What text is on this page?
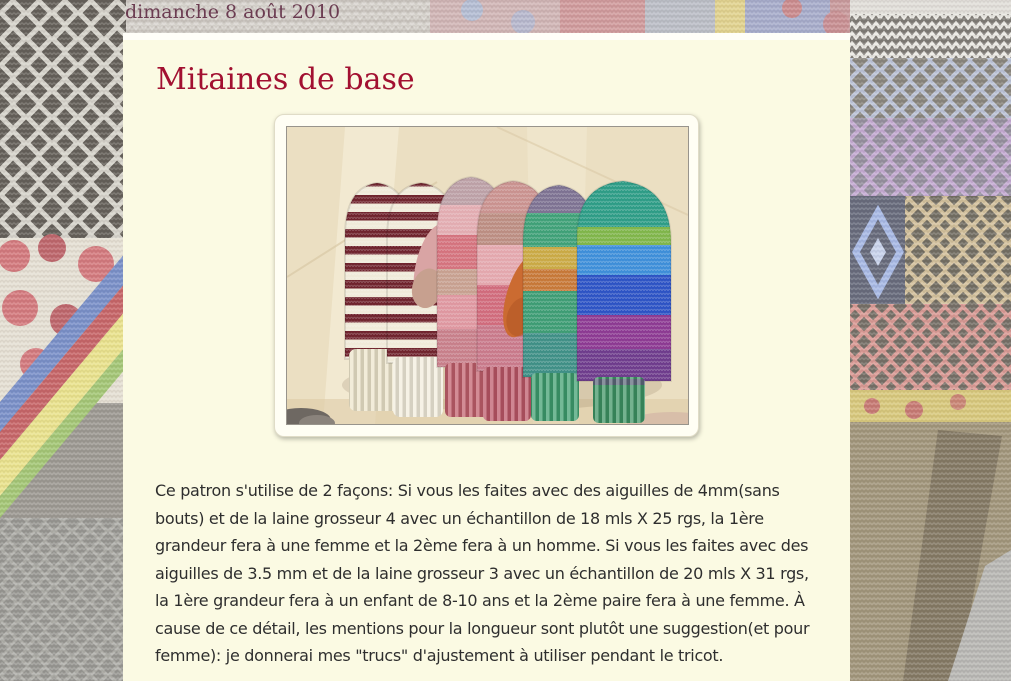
dimanche 8 août 2010
Mitaines de base

Ce patron s'utilise de 2 façons: Si vous les faites avec des aiguilles de 4mm(sans bouts) et de la laine grosseur 4 avec un échantillon de 18 mls X 25 rgs, la 1ère grandeur fera à une femme et la 2ème fera à un homme. Si vous les faites avec des aiguilles de 3.5 mm et de la laine grosseur 3 avec un échantillon de 20 mls X 31 rgs, la 1ère grandeur fera à un enfant de 8-10 ans et la 2ème paire fera à une femme. À cause de ce détail, les mentions pour la longueur sont plutôt une suggestion(et pour femme): je donnerai mes "trucs" d'ajustement à utiliser pendant le tricot.
